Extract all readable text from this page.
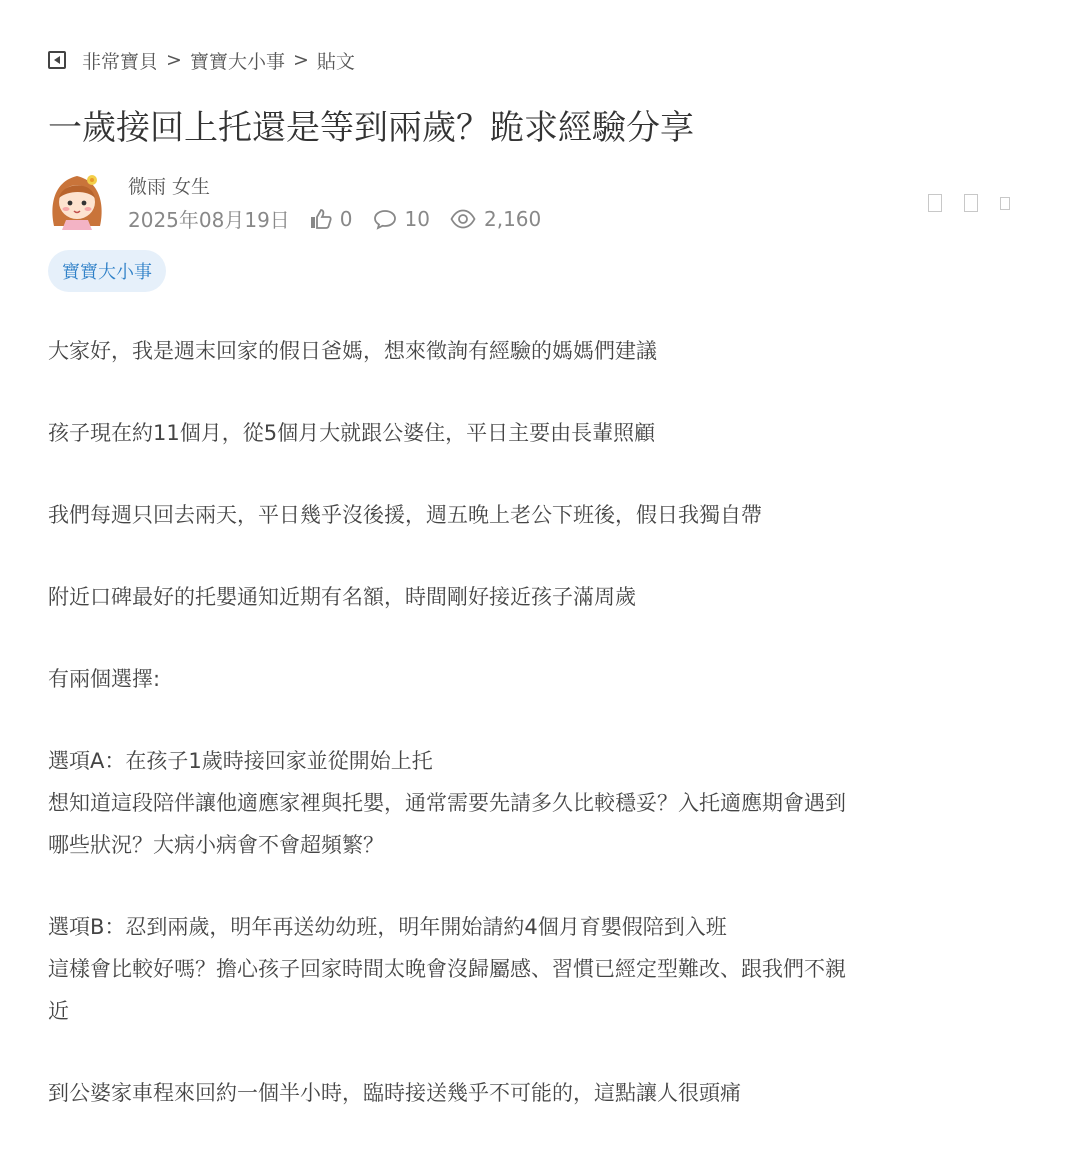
非常寶貝 > 寶寶大小事 > 貼文
一歲接回上托還是等到兩歲？跪求經驗分享
微雨 女生
2025年08月19日	0	10	2,160
寶寶大小事

大家好，我是週末回家的假日爸媽，想來徵詢有經驗的媽媽們建議

孩子現在約11個月，從5個月大就跟公婆住，平日主要由長輩照顧

我們每週只回去兩天，平日幾乎沒後援，週五晚上老公下班後，假日我獨自帶

附近口碑最好的托嬰通知近期有名額，時間剛好接近孩子滿周歲

有兩個選擇:

選項A：在孩子1歲時接回家並從開始上托
想知道這段陪伴讓他適應家裡與托嬰，通常需要先請多久比較穩妥？入托適應期會遇到
哪些狀況？大病小病會不會超頻繁？

選項B：忍到兩歲，明年再送幼幼班，明年開始請約4個月育嬰假陪到入班
這樣會比較好嗎？擔心孩子回家時間太晚會沒歸屬感、習慣已經定型難改、跟我們不親
近

到公婆家車程來回約一個半小時，臨時接送幾乎不可能的，這點讓人很頭痛
